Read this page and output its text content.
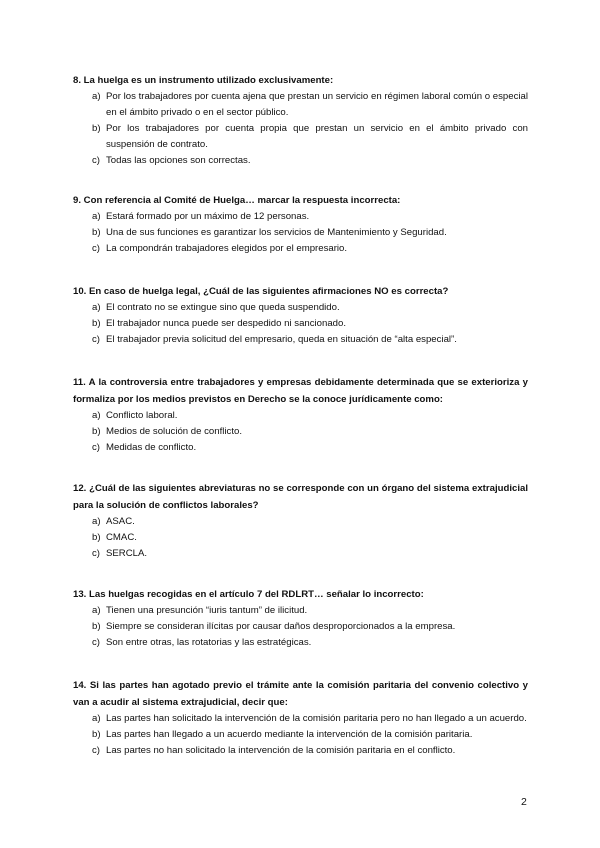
8. La huelga es un instrumento utilizado exclusivamente:

a) Por los trabajadores por cuenta ajena que prestan un servicio en régimen laboral común o especial en el ámbito privado o en el sector público.
b) Por los trabajadores por cuenta propia que prestan un servicio en el ámbito privado con suspensión de contrato.
c) Todas las opciones son correctas.

9. Con referencia al Comité de Huelga… marcar la respuesta incorrecta:

a) Estará formado por un máximo de 12 personas.
b) Una de sus funciones es garantizar los servicios de Mantenimiento y Seguridad.
c) La compondrán trabajadores elegidos por el empresario.

10. En caso de huelga legal, ¿Cuál de las siguientes afirmaciones NO es correcta?

a) El contrato no se extingue sino que queda suspendido.
b) El trabajador nunca puede ser despedido ni sancionado.
c) El trabajador previa solicitud del empresario, queda en situación de “alta especial”.

11. A la controversia entre trabajadores y empresas debidamente determinada que se exterioriza y formaliza por los medios previstos en Derecho se la conoce jurídicamente como:

a) Conflicto laboral.
b) Medios de solución de conflicto.
c) Medidas de conflicto.

12. ¿Cuál de las siguientes abreviaturas no se corresponde con un órgano del sistema extrajudicial para la solución de conflictos laborales?

a) ASAC.
b) CMAC.
c) SERCLA.

13. Las huelgas recogidas en el artículo 7 del RDLRT… señalar lo incorrecto:

a) Tienen una presunción “iuris tantum” de ilicitud.
b) Siempre se consideran ilícitas por causar daños desproporcionados a la empresa.
c) Son entre otras, las rotatorias y las estratégicas.

14. Si las partes han agotado previo el trámite ante la comisión paritaria del convenio colectivo y van a acudir al sistema extrajudicial, decir que:

a) Las partes han solicitado la intervención de la comisión paritaria pero no han llegado a un acuerdo.
b) Las partes han llegado a un acuerdo mediante la intervención de la comisión paritaria.
c) Las partes no han solicitado la intervención de la comisión paritaria en el conflicto.
2
